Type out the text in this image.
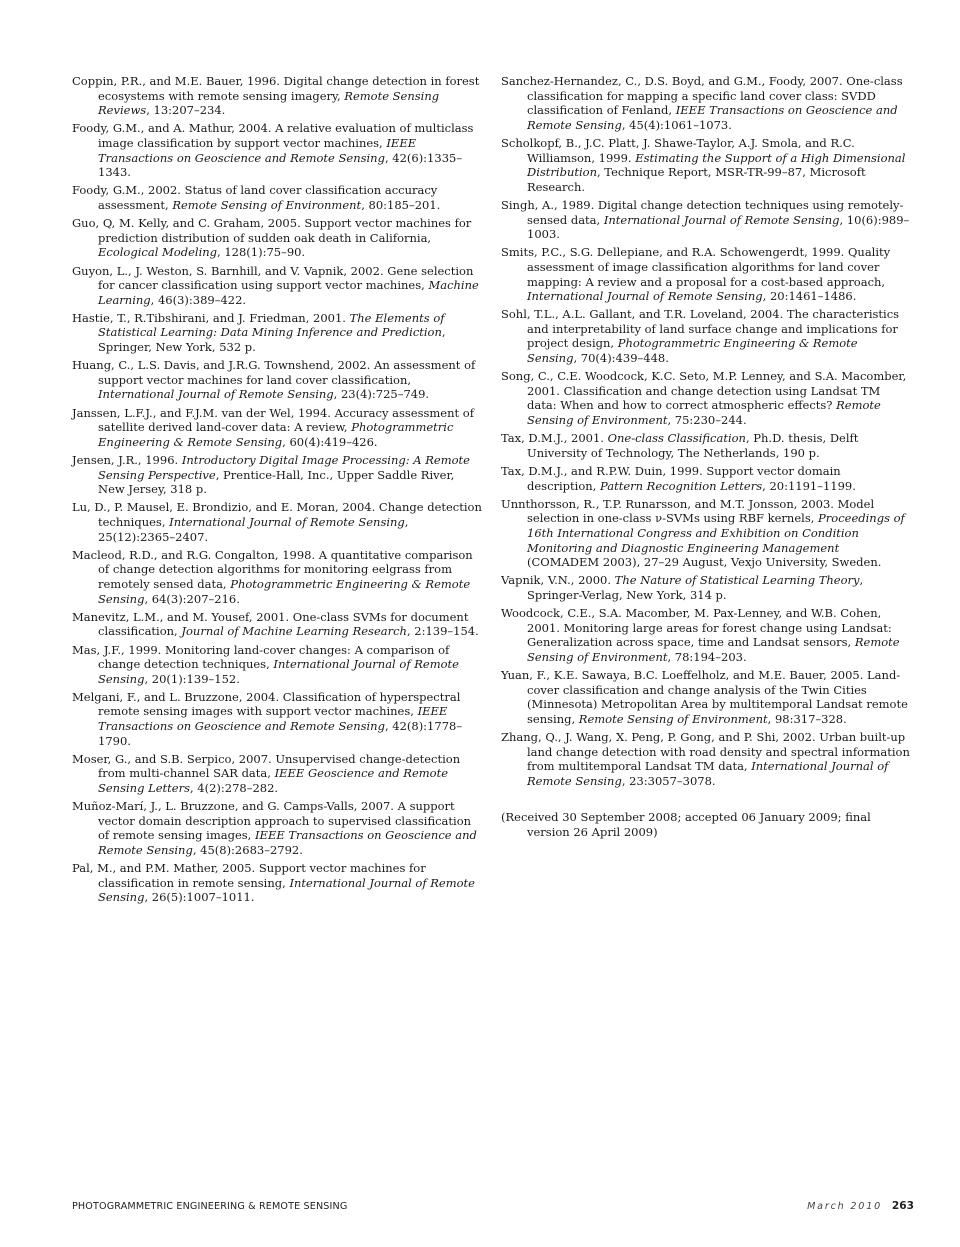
Coppin, P.R., and M.E. Bauer, 1996. Digital change detection in forest ecosystems with remote sensing imagery, Remote Sensing Reviews, 13:207–234.

Foody, G.M., and A. Mathur, 2004. A relative evaluation of multiclass image classification by support vector machines, IEEE Transactions on Geoscience and Remote Sensing, 42(6):1335–1343.

Foody, G.M., 2002. Status of land cover classification accuracy assessment, Remote Sensing of Environment, 80:185–201.

Guo, Q, M. Kelly, and C. Graham, 2005. Support vector machines for prediction distribution of sudden oak death in California, Ecological Modeling, 128(1):75–90.

Guyon, L., J. Weston, S. Barnhill, and V. Vapnik, 2002. Gene selection for cancer classification using support vector machines, Machine Learning, 46(3):389–422.

Hastie, T., R.Tibshirani, and J. Friedman, 2001. The Elements of Statistical Learning: Data Mining Inference and Prediction, Springer, New York, 532 p.

Huang, C., L.S. Davis, and J.R.G. Townshend, 2002. An assessment of support vector machines for land cover classification, International Journal of Remote Sensing, 23(4):725–749.

Janssen, L.F.J., and F.J.M. van der Wel, 1994. Accuracy assessment of satellite derived land-cover data: A review, Photogrammetric Engineering & Remote Sensing, 60(4):419–426.

Jensen, J.R., 1996. Introductory Digital Image Processing: A Remote Sensing Perspective, Prentice-Hall, Inc., Upper Saddle River, New Jersey, 318 p.

Lu, D., P. Mausel, E. Brondizio, and E. Moran, 2004. Change detection techniques, International Journal of Remote Sensing, 25(12):2365–2407.

Macleod, R.D., and R.G. Congalton, 1998. A quantitative comparison of change detection algorithms for monitoring eelgrass from remotely sensed data, Photogrammetric Engineering & Remote Sensing, 64(3):207–216.

Manevitz, L.M., and M. Yousef, 2001. One-class SVMs for document classification, Journal of Machine Learning Research, 2:139–154.

Mas, J.F., 1999. Monitoring land-cover changes: A comparison of change detection techniques, International Journal of Remote Sensing, 20(1):139–152.

Melgani, F., and L. Bruzzone, 2004. Classification of hyperspectral remote sensing images with support vector machines, IEEE Transactions on Geoscience and Remote Sensing, 42(8):1778–1790.

Moser, G., and S.B. Serpico, 2007. Unsupervised change-detection from multi-channel SAR data, IEEE Geoscience and Remote Sensing Letters, 4(2):278–282.

Muñoz-Marí, J., L. Bruzzone, and G. Camps-Valls, 2007. A support vector domain description approach to supervised classification of remote sensing images, IEEE Transactions on Geoscience and Remote Sensing, 45(8):2683–2792.

Pal, M., and P.M. Mather, 2005. Support vector machines for classification in remote sensing, International Journal of Remote Sensing, 26(5):1007–1011.

Sanchez-Hernandez, C., D.S. Boyd, and G.M., Foody, 2007. One-class classification for mapping a specific land cover class: SVDD classification of Fenland, IEEE Transactions on Geoscience and Remote Sensing, 45(4):1061–1073.

Scholkopf, B., J.C. Platt, J. Shawe-Taylor, A.J. Smola, and R.C. Williamson, 1999. Estimating the Support of a High Dimensional Distribution, Technique Report, MSR-TR-99–87, Microsoft Research.

Singh, A., 1989. Digital change detection techniques using remotely-sensed data, International Journal of Remote Sensing, 10(6):989–1003.

Smits, P.C., S.G. Dellepiane, and R.A. Schowengerdt, 1999. Quality assessment of image classification algorithms for land cover mapping: A review and a proposal for a cost-based approach, International Journal of Remote Sensing, 20:1461–1486.

Sohl, T.L., A.L. Gallant, and T.R. Loveland, 2004. The characteristics and interpretability of land surface change and implications for project design, Photogrammetric Engineering & Remote Sensing, 70(4):439–448.

Song, C., C.E. Woodcock, K.C. Seto, M.P. Lenney, and S.A. Macomber, 2001. Classification and change detection using Landsat TM data: When and how to correct atmospheric effects? Remote Sensing of Environment, 75:230–244.

Tax, D.M.J., 2001. One-class Classification, Ph.D. thesis, Delft University of Technology, The Netherlands, 190 p.

Tax, D.M.J., and R.P.W. Duin, 1999. Support vector domain description, Pattern Recognition Letters, 20:1191–1199.

Unnthorsson, R., T.P. Runarsson, and M.T. Jonsson, 2003. Model selection in one-class ν-SVMs using RBF kernels, Proceedings of 16th International Congress and Exhibition on Condition Monitoring and Diagnostic Engineering Management (COMADEM 2003), 27–29 August, Vexjo University, Sweden.

Vapnik, V.N., 2000. The Nature of Statistical Learning Theory, Springer-Verlag, New York, 314 p.

Woodcock, C.E., S.A. Macomber, M. Pax-Lenney, and W.B. Cohen, 2001. Monitoring large areas for forest change using Landsat: Generalization across space, time and Landsat sensors, Remote Sensing of Environment, 78:194–203.

Yuan, F., K.E. Sawaya, B.C. Loeffelholz, and M.E. Bauer, 2005. Land-cover classification and change analysis of the Twin Cities (Minnesota) Metropolitan Area by multitemporal Landsat remote sensing, Remote Sensing of Environment, 98:317–328.

Zhang, Q., J. Wang, X. Peng, P. Gong, and P. Shi, 2002. Urban built-up land change detection with road density and spectral information from multitemporal Landsat TM data, International Journal of Remote Sensing, 23:3057–3078.

(Received 30 September 2008; accepted 06 January 2009; final version 26 April 2009)

PHOTOGRAMMETRIC ENGINEERING & REMOTE SENSING	March 2010 263
